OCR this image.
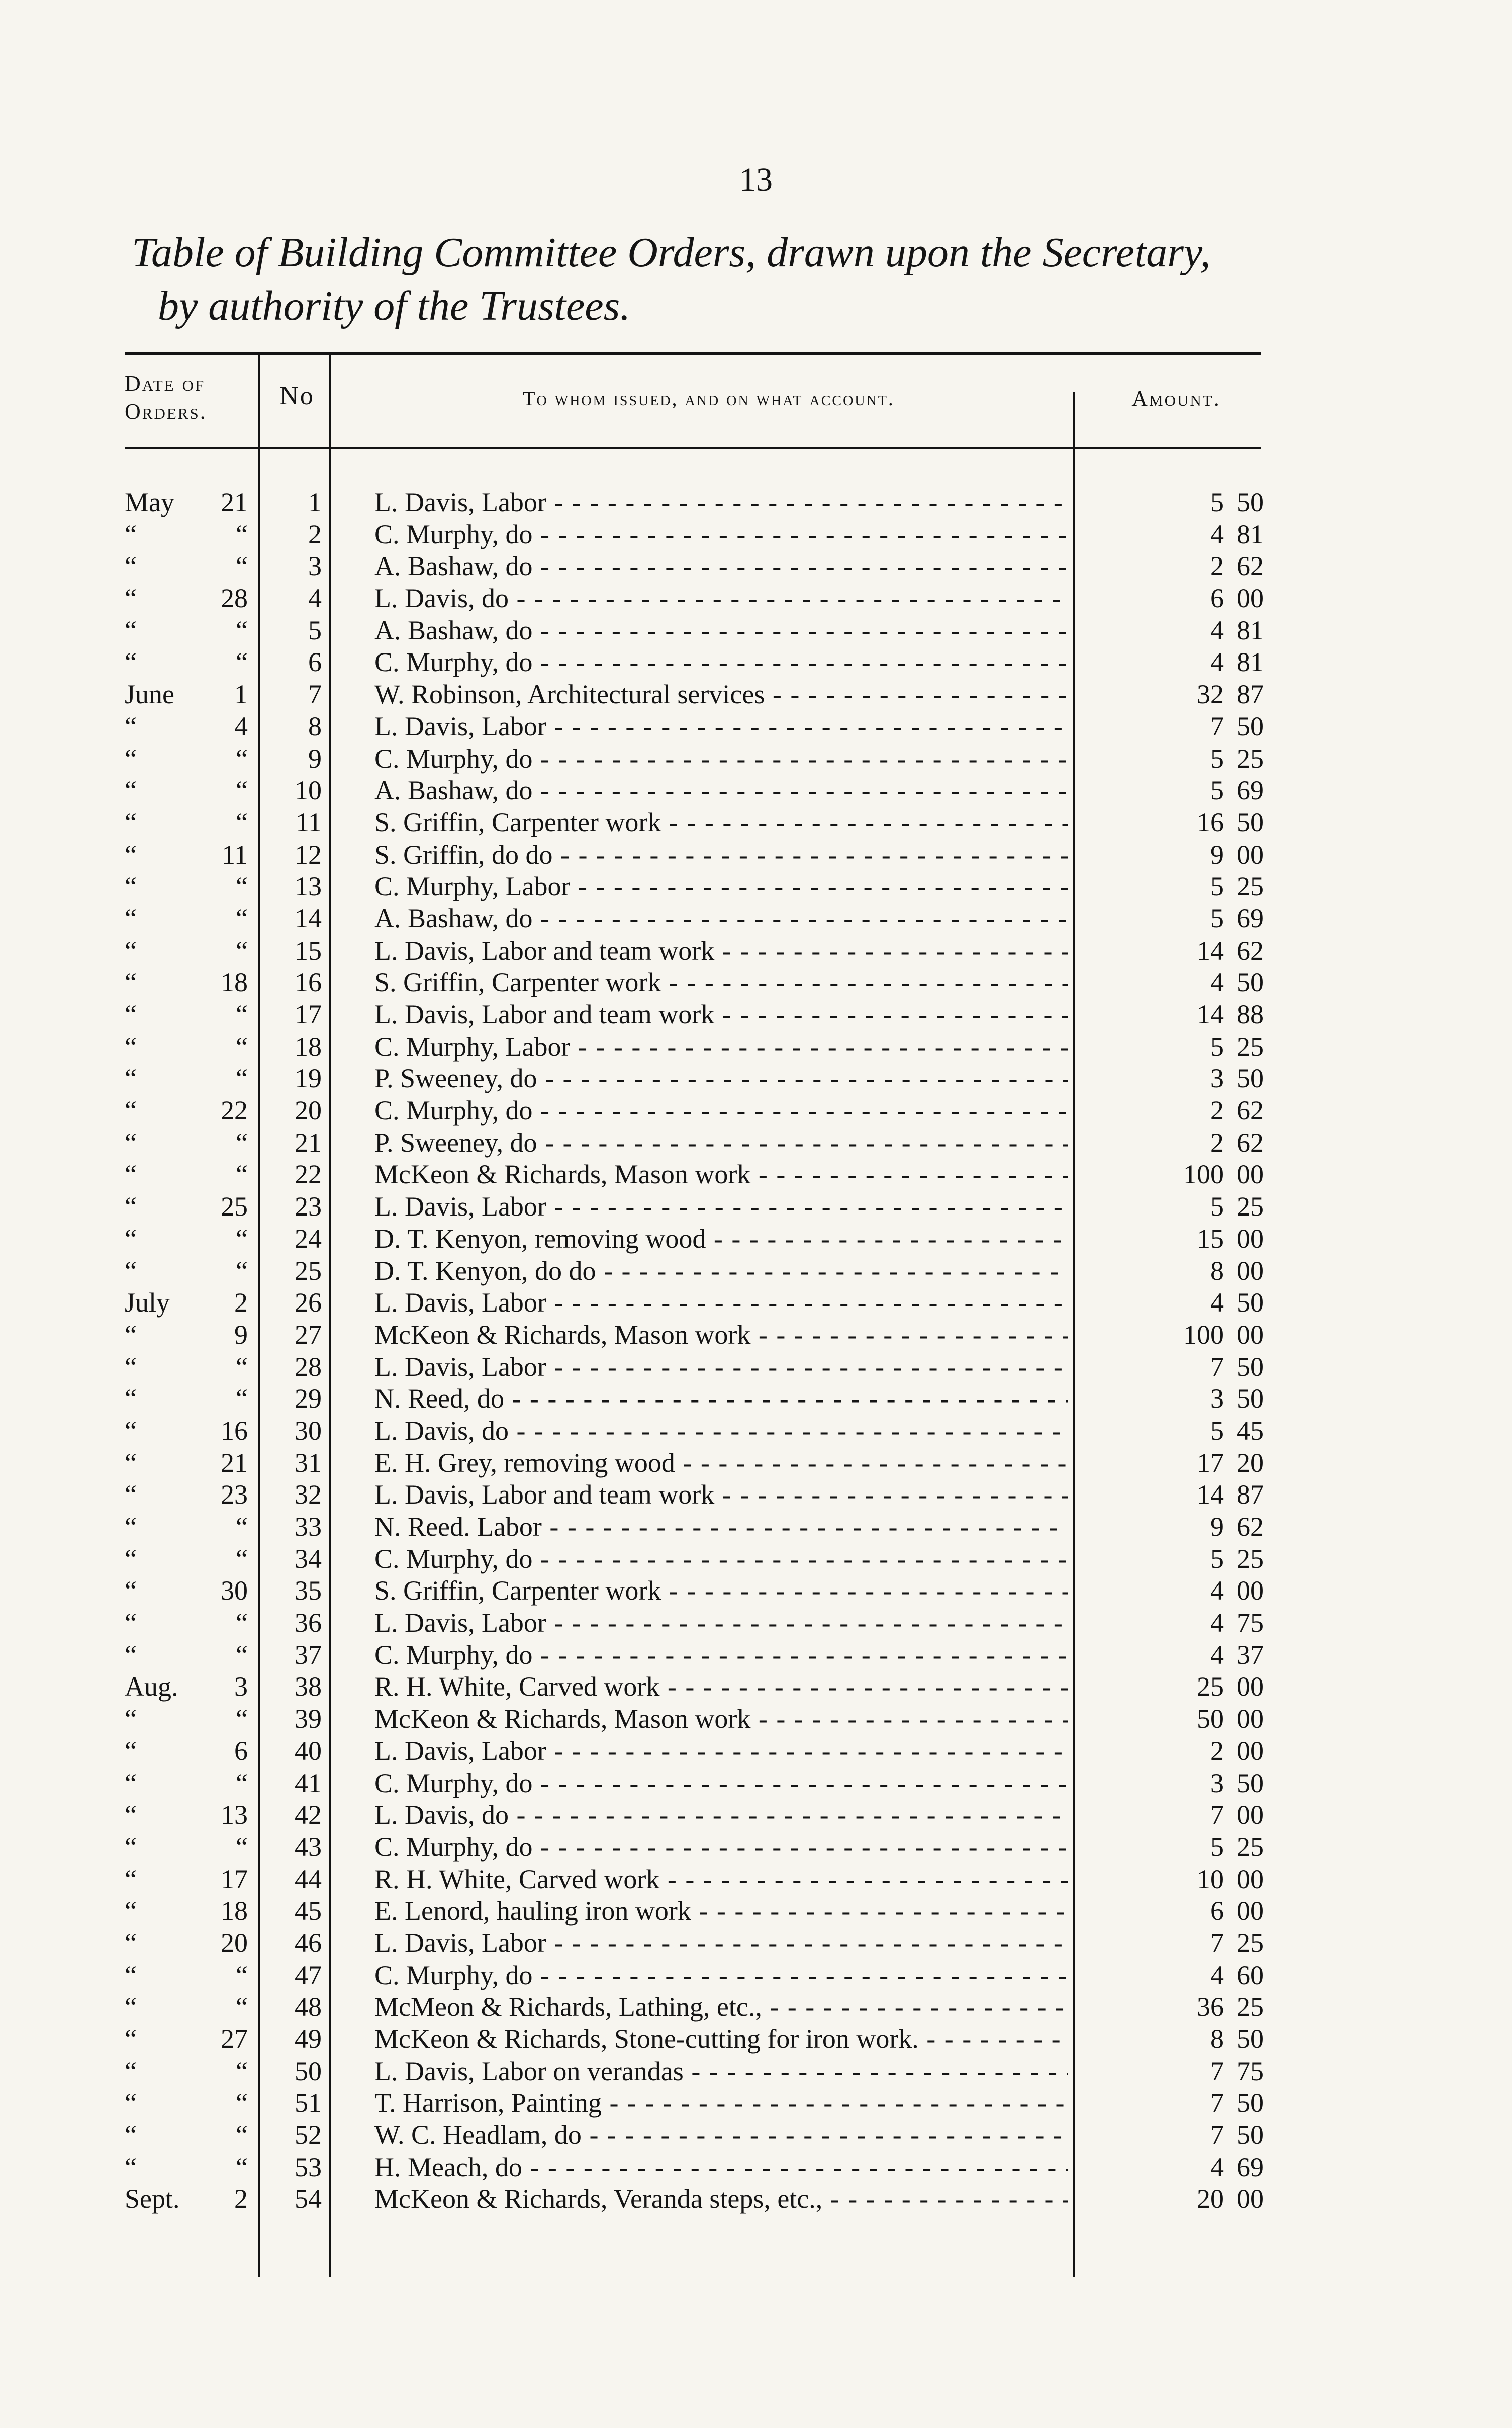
13
Table of Building Committee Orders, drawn upon the Secretary,
by authority of the Trustees.
Date of
Orders.
No	To whom issued, and on what account.	Amount.
May	21	1 L. Davis, Labor - - -	5 50
“	“	2 C. Murphy, do - - -	4 81
“	“	3 A. Bashaw, do - - -	2 62
“	28	4 L. Davis, do - - -	6 00
“	“	5 A. Bashaw, do - - -	4 81
“	“	6 C. Murphy, do - - -	4 81
June	1	7 W. Robinson, Architectural services - - -	32 87
“	4	8 L. Davis, Labor - - -	7 50
“	“	9 C. Murphy, do - - -	5 25
“	“	10 A. Bashaw, do - - -	5 69
“	“	11 S. Griffin, Carpenter work - - -	16 50
“	11	12 S. Griffin, do do - - -	9 00
“	“	13 C. Murphy, Labor - - -	5 25
“	“	14 A. Bashaw, do - - -	5 69
“	“	15 L. Davis, Labor and team work - - -	14 62
“	18	16 S. Griffin, Carpenter work - - -	4 50
“	“	17 L. Davis, Labor and team work - - -	14 88
“	“	18 C. Murphy, Labor - - -	5 25
“	“	19 P. Sweeney, do - - -	3 50
“	22	20 C. Murphy, do - - -	2 62
“	“	21 P. Sweeney, do - - -	2 62
“	“	22 McKeon & Richards, Mason work - - -	100 00
“	25	23 L. Davis, Labor - - -	5 25
“	“	24 D. T. Kenyon, removing wood - - -	15 00
“	“	25 D. T. Kenyon, do do - - -	8 00
July	2	26 L. Davis, Labor - - -	4 50
“	9	27 McKeon & Richards, Mason work - - -	100 00
“	“	28 L. Davis, Labor - - -	7 50
“	“	29 N. Reed, do - - -	3 50
“	16	30 L. Davis, do - - -	5 45
“	21	31 E. H. Grey, removing wood - - -	17 20
“	23	32 L. Davis, Labor and team work - - -	14 87
“	“	33 N. Reed. Labor - - -	9 62
“	“	34 C. Murphy, do - - -	5 25
“	30	35 S. Griffin, Carpenter work - - -	4 00
“	“	36 L. Davis, Labor - - -	4 75
“	“	37 C. Murphy, do - - -	4 37
Aug.	3	38 R. H. White, Carved work - - -	25 00
“	“	39 McKeon & Richards, Mason work - - -	50 00
“	6	40 L. Davis, Labor - - -	2 00
“	“	41 C. Murphy, do - - -	3 50
“	13	42 L. Davis, do - - -	7 00
“	“	43 C. Murphy, do - - -	5 25
“	17	44 R. H. White, Carved work - - -	10 00
“	18	45 E. Lenord, hauling iron work - - -	6 00
“	20	46 L. Davis, Labor - - -	7 25
“	“	47 C. Murphy, do - - -	4 60
“	“	48 McMeon & Richards, Lathing, etc., - - -	36 25
“	27	49 McKeon & Richards, Stone-cutting for iron work. - - -	8 50
“	“	50 L. Davis, Labor on verandas - - -	7 75
“	“	51 T. Harrison, Painting - - -	7 50
“	“	52 W. C. Headlam, do - - -	7 50
“	“	53 H. Meach, do - - -	4 69
Sept.	2	54 McKeon & Richards, Veranda steps, etc., - - -	20 00
